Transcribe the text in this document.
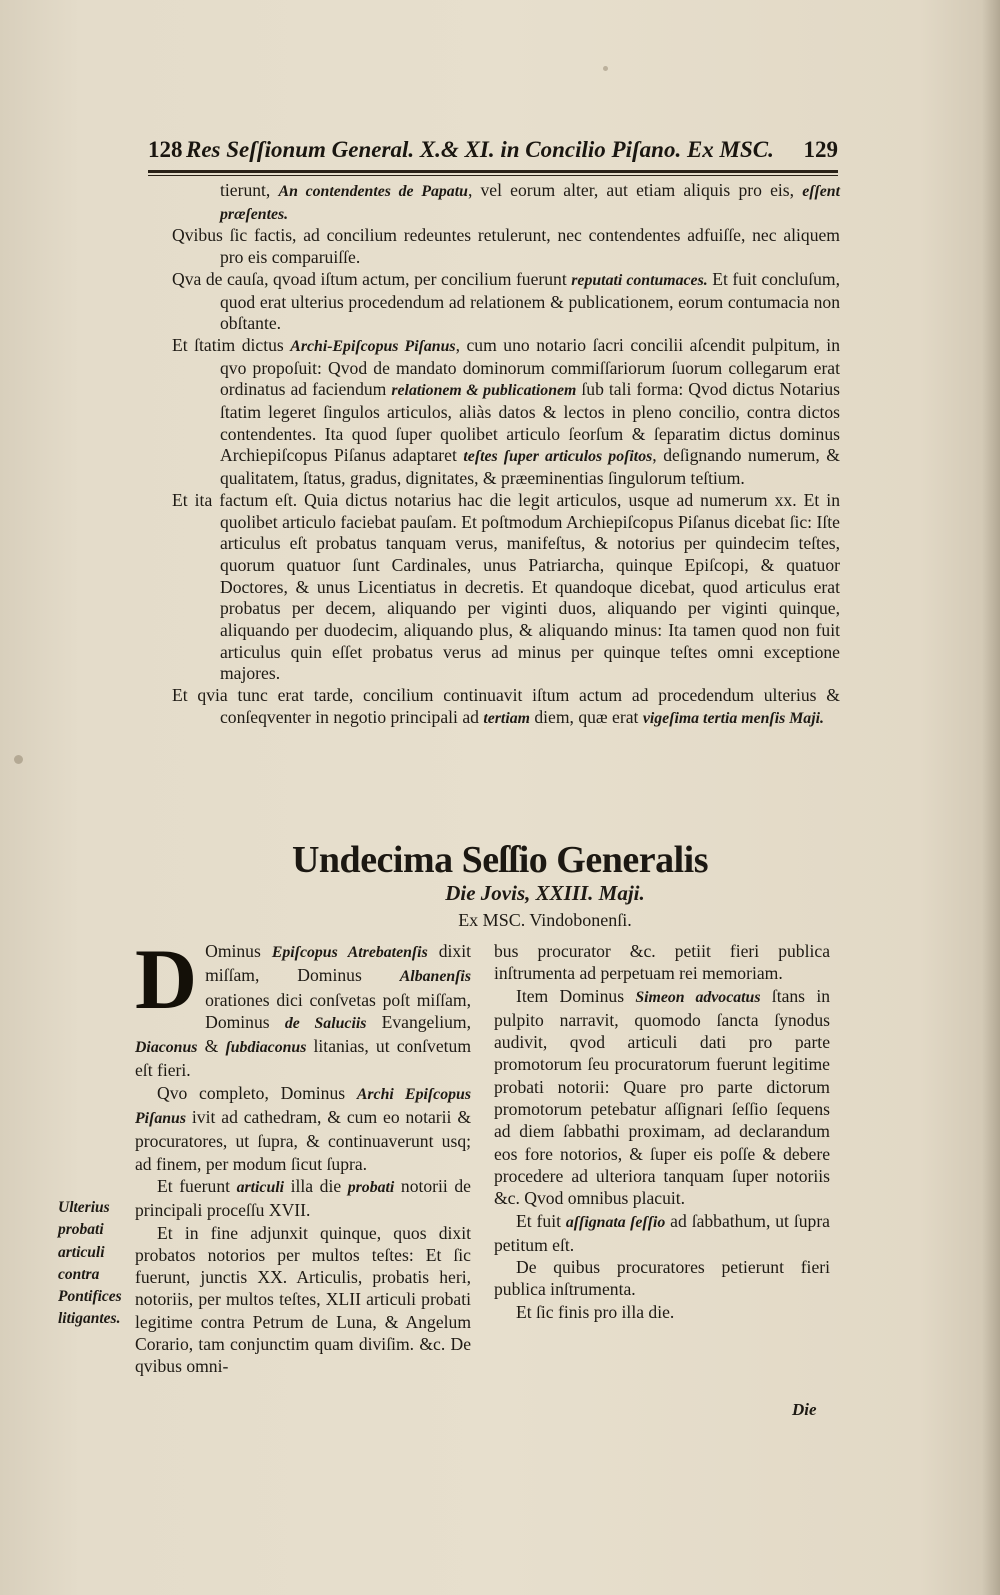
128 Res Seſſionum General. X.& XI. in Concilio Piſano. Ex MSC. 129

tierunt, An contendentes de Papatu, vel eorum alter, aut etiam aliquis pro eis, eſſent præſentes.

Qvibus ſic factis, ad concilium redeuntes retulerunt, nec contendentes adfuiſſe, nec aliquem pro eis comparuiſſe.

Qva de cauſa, qvoad iſtum actum, per concilium fuerunt reputati contumaces. Et fuit concluſum, quod erat ulterius procedendum ad relationem & publicationem, eorum contumacia non obſtante.

Et ſtatim dictus Archi-Epiſcopus Piſanus, cum uno notario ſacri concilii aſcendit pulpitum, in qvo propoſuit: Qvod de mandato dominorum commiſſariorum ſuorum collegarum erat ordinatus ad faciendum relationem & publicationem ſub tali forma: Qvod dictus Notarius ſtatim legeret ſingulos articulos, aliàs datos & lectos in pleno concilio, contra dictos contendentes. Ita quod ſuper quolibet articulo ſeorſum & ſeparatim dictus dominus Archiepiſcopus Piſanus adaptaret teſtes ſuper articulos poſitos, deſignando numerum, & qualitatem, ſtatus, gradus, dignitates, & præeminentias ſingulorum teſtium.

Et ita factum eſt. Quia dictus notarius hac die legit articulos, usque ad numerum xx. Et in quolibet articulo faciebat pauſam. Et poſtmodum Archiepiſcopus Piſanus dicebat ſic: Iſte articulus eſt probatus tanquam verus, manifeſtus, & notorius per quindecim teſtes, quorum quatuor ſunt Cardinales, unus Patriarcha, quinque Epiſcopi, & quatuor Doctores, & unus Licentiatus in decretis. Et quandoque dicebat, quod articulus erat probatus per decem, aliquando per viginti duos, aliquando per viginti quinque, aliquando per duodecim, aliquando plus, & aliquando minus: Ita tamen quod non fuit articulus quin eſſet probatus verus ad minus per quinque teſtes omni exceptione majores.

Et qvia tunc erat tarde, concilium continuavit iſtum actum ad procedendum ulterius & conſeqventer in negotio principali ad tertiam diem, quæ erat vigeſima tertia menſis Maji.

Undecima Seſſio Generalis
Die Jovis, XXIII. Maji.
Ex MSC. Vindobonenſi.

D Ominus Epiſcopus Atrebatenſis dixit miſſam, Dominus Albanenſis orationes dici conſvetas poſt miſſam, Dominus de Saluciis Evangelium, Diaconus & ſubdiaconus litanias, ut conſvetum eſt fieri.

Qvo completo, Dominus Archi Epiſcopus Piſanus ivit ad cathedram, & cum eo notarii & procuratores, ut ſupra, & continuaverunt usq; ad finem, per modum ſicut ſupra.

Et fuerunt articuli illa die probati notorii de principali proceſſu XVII.

Et in fine adjunxit quinque, quos dixit probatos notorios per multos teſtes: Et ſic fuerunt, junctis XX. Articulis, probatis heri, notoriis, per multos teſtes, XLII articuli probati legitime contra Petrum de Luna, & Angelum Corario, tam conjunctim quam diviſim. &c. De qvibus omni-

Ulterius
probati
articuli
contra
Pontifices
litigantes.

bus procurator &c. petiit fieri publica inſtrumenta ad perpetuam rei memoriam.

Item Dominus Simeon advocatus ſtans in pulpito narravit, quomodo ſancta ſynodus audivit, qvod articuli dati pro parte promotorum ſeu procuratorum fuerunt legitime probati notorii: Quare pro parte dictorum promotorum petebatur aſſignari ſeſſio ſequens ad diem ſabbathi proximam, ad declarandum eos fore notorios, & ſuper eis poſſe & debere procedere ad ulteriora tanquam ſuper notoriis &c. Qvod omnibus placuit.

Et fuit aſſignata ſeſſio ad ſabbathum, ut ſupra petitum eſt.

De quibus procuratores petierunt fieri publica inſtrumenta.

Et ſic finis pro illa die.

Die
